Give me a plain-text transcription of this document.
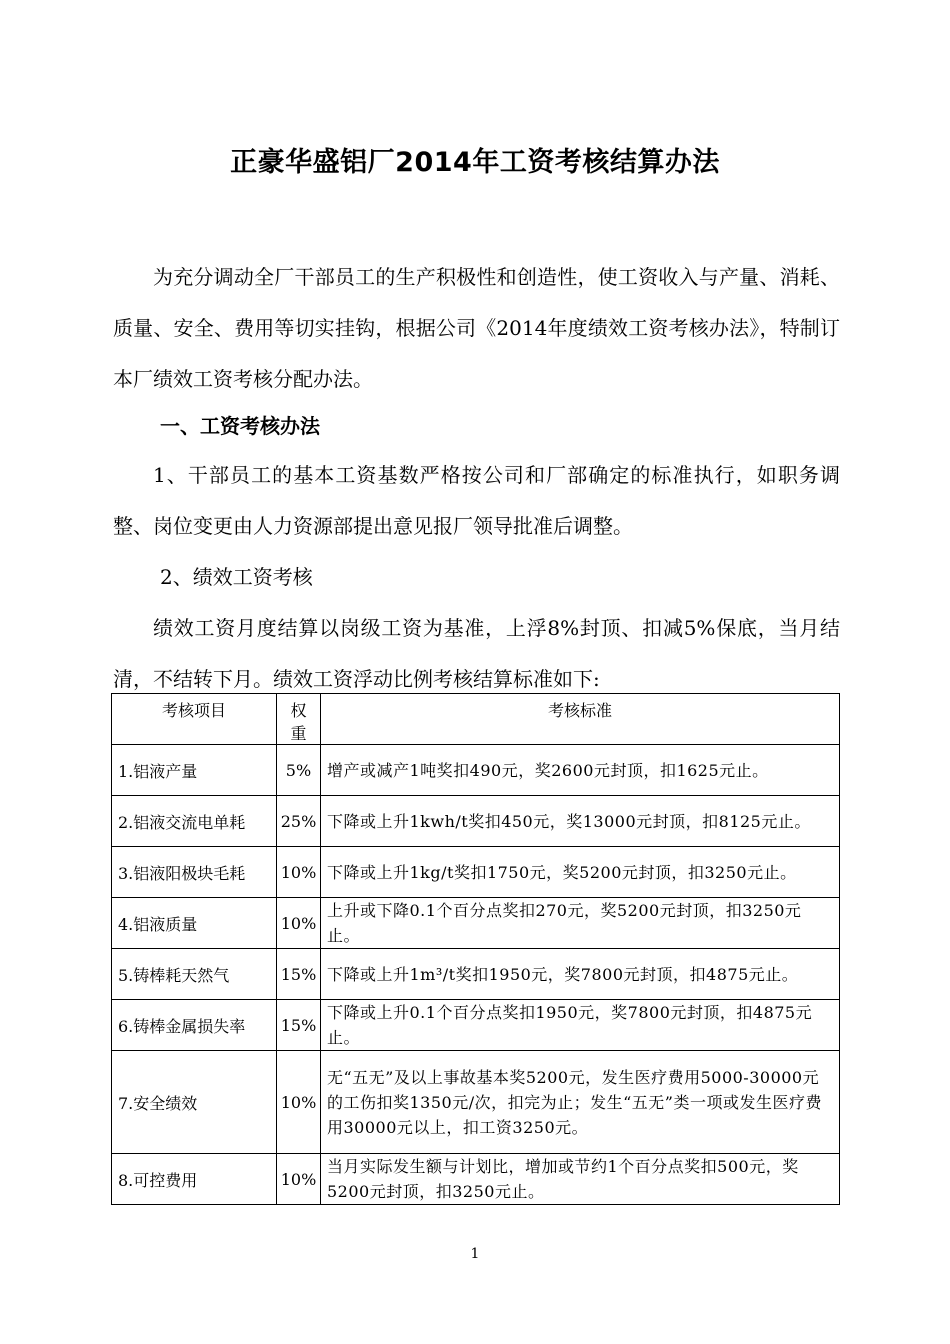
正豪华盛铝厂2014年工资考核结算办法
为充分调动全厂干部员工的生产积极性和创造性，使工资收入与产量、消耗、质量、安全、费用等切实挂钩，根据公司《2014年度绩效工资考核办法》，特制订本厂绩效工资考核分配办法。
一、工资考核办法
1、干部员工的基本工资基数严格按公司和厂部确定的标准执行，如职务调整、岗位变更由人力资源部提出意见报厂领导批准后调整。
2、绩效工资考核
绩效工资月度结算以岗级工资为基准，上浮8%封顶、扣减5%保底，当月结清，不结转下月。绩效工资浮动比例考核结算标准如下:
考核项目	权重	考核标准
1.铝液产量	5%	增产或减产1吨奖扣490元，奖2600元封顶，扣1625元止。
2.铝液交流电单耗	25%	下降或上升1kwh/t奖扣450元，奖13000元封顶，扣8125元止。
3.铝液阳极块毛耗	10%	下降或上升1kg/t奖扣1750元，奖5200元封顶，扣3250元止。
4.铝液质量	10%	上升或下降0.1个百分点奖扣270元，奖5200元封顶，扣3250元止。
5.铸棒耗天然气	15%	下降或上升1m³/t奖扣1950元，奖7800元封顶，扣4875元止。
6.铸棒金属损失率	15%	下降或上升0.1个百分点奖扣1950元，奖7800元封顶，扣4875元止。
7.安全绩效	10%	无“五无”及以上事故基本奖5200元，发生医疗费用5000-30000元的工伤扣奖1350元/次，扣完为止；发生“五无”类一项或发生医疗费用30000元以上，扣工资3250元。
8.可控费用	10%	当月实际发生额与计划比，增加或节约1个百分点奖扣500元，奖5200元封顶，扣3250元止。
1
